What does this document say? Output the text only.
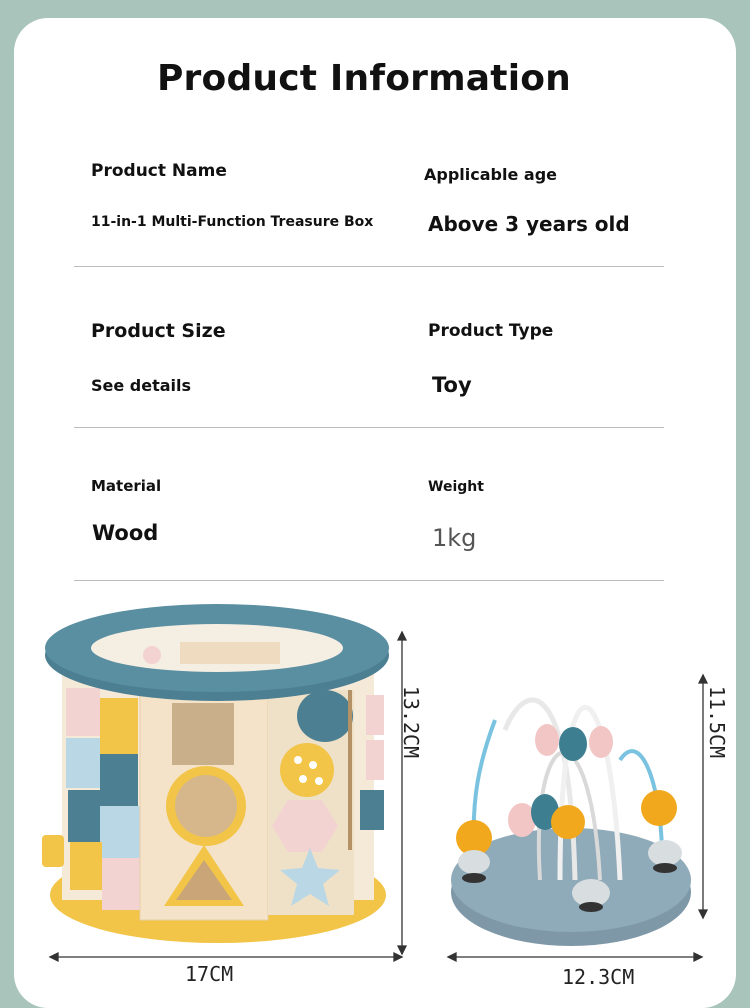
Product Information
Product Name
11-in-1 Multi-Function Treasure Box
Applicable age
Above 3 years old
Product Size
See details
Product Type
Toy
Material
Wood
Weight
1kg
17CM	12.3CM
13.2CM	11.5CM
